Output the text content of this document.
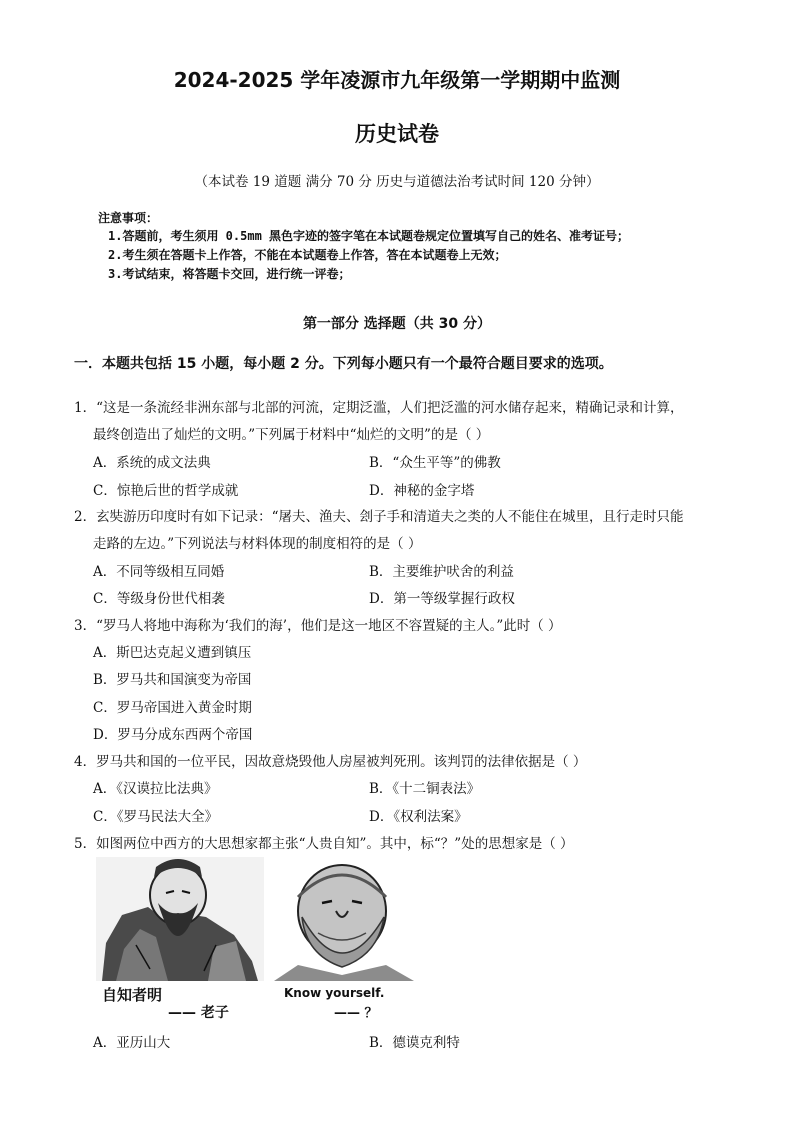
2024-2025 学年凌源市九年级第一学期期中监测
历史试卷
（本试卷 19 道题 满分 70 分 历史与道德法治考试时间 120 分钟）
注意事项：
1.答题前，考生须用 0.5mm 黑色字迹的签字笔在本试题卷规定位置填写自己的姓名、准考证号；
2.考生须在答题卡上作答，不能在本试题卷上作答，答在本试题卷上无效；
3.考试结束，将答题卡交回，进行统一评卷；
第一部分 选择题（共 30 分）
一．本题共包括 15 小题，每小题 2 分。下列每小题只有一个最符合题目要求的选项。
1．“这是一条流经非洲东部与北部的河流，定期泛滥，人们把泛滥的河水储存起来，精确记录和计算，
最终创造出了灿烂的文明。”下列属于材料中“灿烂的文明”的是（ ）
A．系统的成文法典	B．“众生平等”的佛教
C．惊艳后世的哲学成就	D．神秘的金字塔
2．玄奘游历印度时有如下记录：“屠夫、渔夫、刽子手和清道夫之类的人不能住在城里，且行走时只能
走路的左边。”下列说法与材料体现的制度相符的是（ ）
A．不同等级相互同婚	B．主要维护吠舍的利益
C．等级身份世代相袭	D．第一等级掌握行政权
3．“罗马人将地中海称为‘我们的海’，他们是这一地区不容置疑的主人。”此时（ ）
A．斯巴达克起义遭到镇压
B．罗马共和国演变为帝国
C．罗马帝国进入黄金时期
D．罗马分成东西两个帝国
4．罗马共和国的一位平民，因故意烧毁他人房屋被判死刑。该判罚的法律依据是（ ）
A．《汉谟拉比法典》	B．《十二铜表法》
C．《罗马民法大全》	D．《权利法案》
5．如图两位中西方的大思想家都主张“人贵自知”。其中，标“？”处的思想家是（ ）
自知者明
—— 老子
Know yourself.
—— ？
A．亚历山大	B．德谟克利特
